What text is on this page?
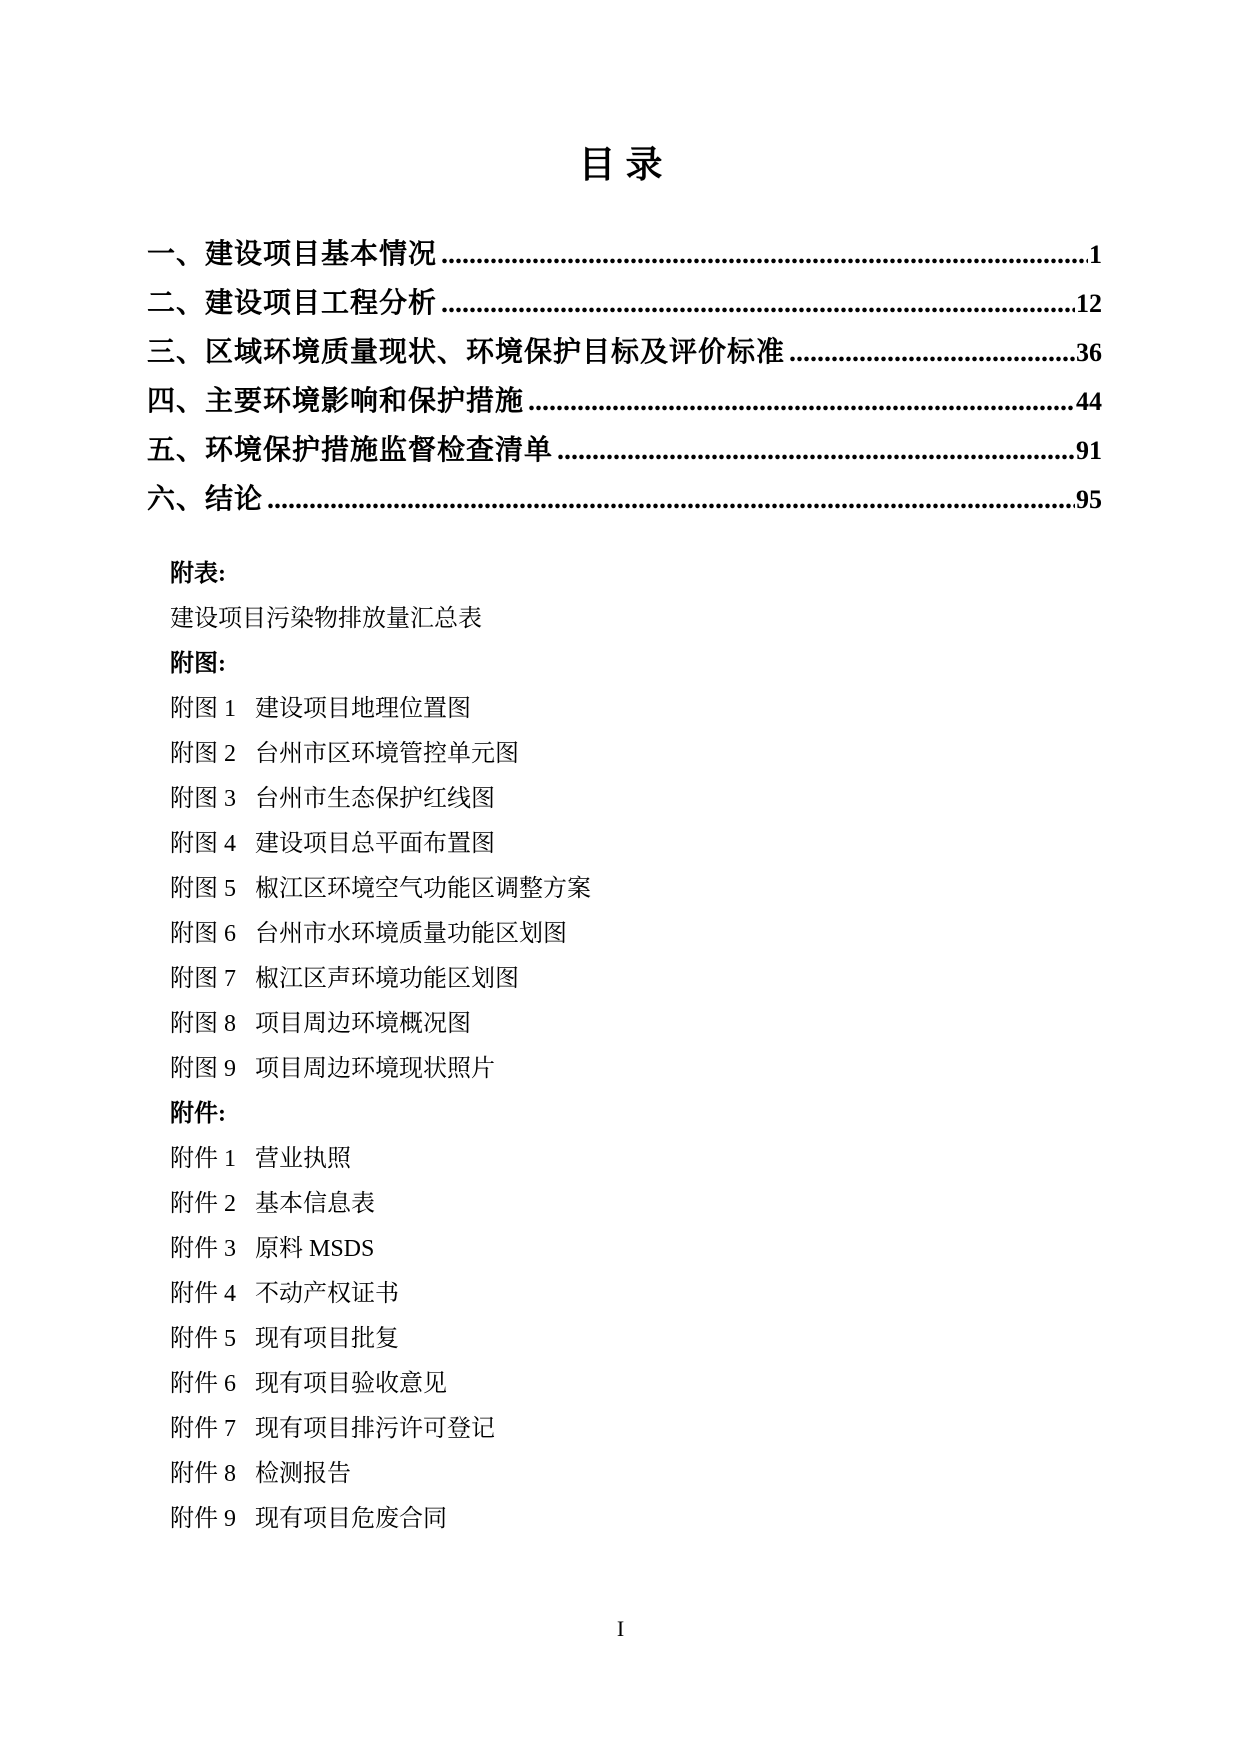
目录
一、建设项目基本情况 .....	1
二、建设项目工程分析 .....	12
三、区域环境质量现状、环境保护目标及评价标准 .....	36
四、主要环境影响和保护措施 .....	44
五、环境保护措施监督检查清单 .....	91
六、结论 .....	95
附表:
建设项目污染物排放量汇总表
附图:
附图 1 建设项目地理位置图
附图 2 台州市区环境管控单元图
附图 3 台州市生态保护红线图
附图 4 建设项目总平面布置图
附图 5 椒江区环境空气功能区调整方案
附图 6 台州市水环境质量功能区划图
附图 7 椒江区声环境功能区划图
附图 8 项目周边环境概况图
附图 9 项目周边环境现状照片
附件:
附件 1 营业执照
附件 2 基本信息表
附件 3 原料 MSDS
附件 4 不动产权证书
附件 5 现有项目批复
附件 6 现有项目验收意见
附件 7 现有项目排污许可登记
附件 8 检测报告
附件 9 现有项目危废合同
I
